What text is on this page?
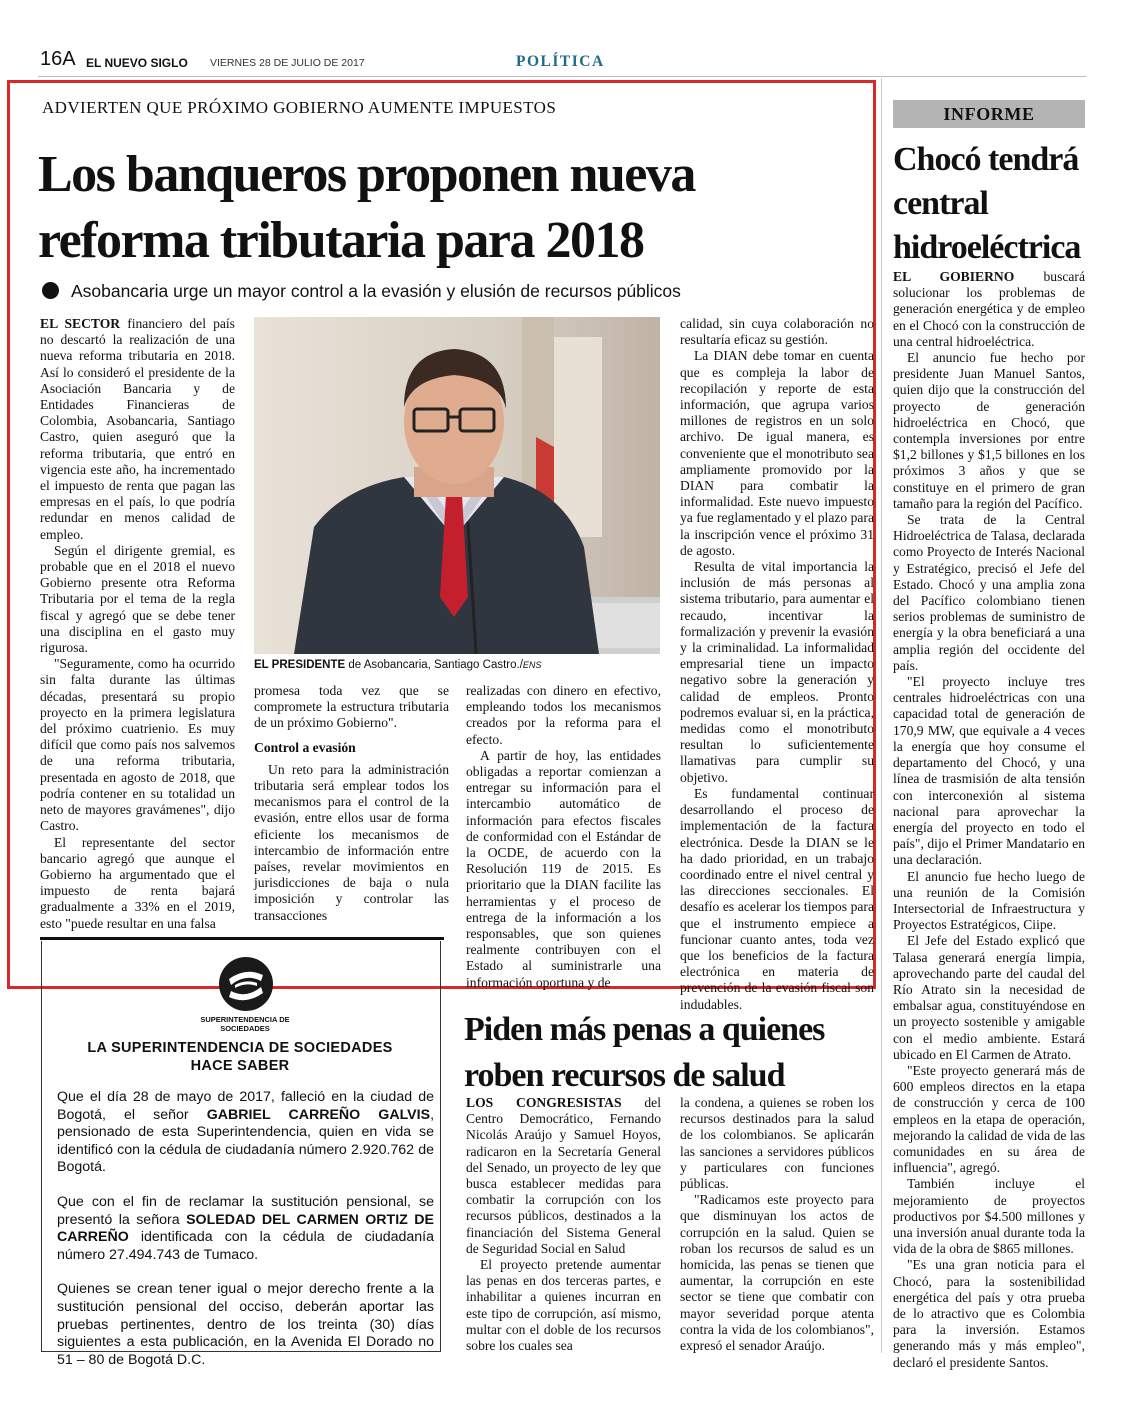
16A EL NUEVO SIGLO VIERNES 28 DE JULIO DE 2017	POLÍTICA
ADVIERTEN QUE PRÓXIMO GOBIERNO AUMENTE IMPUESTOS
Los banqueros proponen nueva reforma tributaria para 2018
Asobancaria urge un mayor control a la evasión y elusión de recursos públicos

EL SECTOR financiero del país no descartó la realización de una nueva reforma tributaria en 2018. Así lo consideró el presidente de la Asociación Bancaria y de Entidades Financieras de Colombia, Asobancaria, Santiago Castro, quien aseguró que la reforma tributaria, que entró en vigencia este año, ha incrementado el impuesto de renta que pagan las empresas en el país, lo que podría redundar en menos calidad de empleo.

Según el dirigente gremial, es probable que en el 2018 el nuevo Gobierno presente otra Reforma Tributaria por el tema de la regla fiscal y agregó que se debe tener una disciplina en el gasto muy rigurosa.

"Seguramente, como ha ocurrido sin falta durante las últimas décadas, presentará su propio proyecto en la primera legislatura del próximo cuatrienio. Es muy difícil que como país nos salvemos de una reforma tributaria, presentada en agosto de 2018, que podría contener en su totalidad un neto de mayores gravámenes", dijo Castro.

El representante del sector bancario agregó que aunque el Gobierno ha argumentado que el impuesto de renta bajará gradualmente a 33% en el 2019, esto "puede resultar en una falsa

EL PRESIDENTE de Asobancaria, Santiago Castro./ENS

promesa toda vez que se comprometе la estructura tributaria de un próximo Gobierno".

Control a evasión

Un reto para la administración tributaria será emplear todos los mecanismos para el control de la evasión, entre ellos usar de forma eficiente los mecanismos de intercambio de información entre países, revelar movimientos en jurisdicciones de baja o nula imposición y controlar las transacciones

realizadas con dinero en efectivo, empleando todos los mecanismos creados por la reforma para el efecto.

A partir de hoy, las entidades obligadas a reportar comienzan a entregar su información para el intercambio automático de información para efectos fiscales de conformidad con el Estándar de la OCDE, de acuerdo con la Resolución 119 de 2015. Es prioritario que la DIAN facilite las herramientas y el proceso de entrega de la información a los responsables, que son quienes realmente contribuyen con el Estado al suministrarle una información oportuna y de

calidad, sin cuya colaboración no resultaría eficaz su gestión.

La DIAN debe tomar en cuenta que es compleja la labor de recopilación y reporte de esta información, que agrupa varios millones de registros en un solo archivo. De igual manera, es conveniente que el monotributo sea ampliamente promovido por la DIAN para combatir la informalidad. Este nuevo impuesto ya fue reglamentado y el plazo para la inscripción vence el próximo 31 de agosto.

Resulta de vital importancia la inclusión de más personas al sistema tributario, para aumentar el recaudo, incentivar la formalización y prevenir la evasión y la criminalidad. La informalidad empresarial tiene un impacto negativo sobre la generación y calidad de empleos. Pronto podremos evaluar si, en la práctica, medidas como el monotributo resultan lo suficientemente llamativas para cumplir su objetivo.

Es fundamental continuar desarrollando el proceso de implementación de la factura electrónica. Desde la DIAN se le ha dado prioridad, en un trabajo coordinado entre el nivel central y las direcciones seccionales. El desafío es acelerar los tiempos para que el instrumento empiece a funcionar cuanto antes, toda vez que los beneficios de la factura electrónica en materia de prevención de la evasión fiscal son indudables.

INFORME
Chocó tendrá central hidroeléctrica

EL GOBIERNO buscará solucionar los problemas de generación energética y de empleo en el Chocó con la construcción de una central hidroeléctrica.

El anuncio fue hecho por presidente Juan Manuel Santos, quien dijo que la construcción del proyecto de generación hidroeléctrica en Chocó, que contempla inversiones por entre $1,2 billones y $1,5 billones en los próximos 3 años y que se constituye en el primero de gran tamaño para la región del Pacífico.

Se trata de la Central Hidroeléctrica de Talasa, declarada como Proyecto de Interés Nacional y Estratégico, precisó el Jefe del Estado. Chocó y una amplia zona del Pacífico colombiano tienen serios problemas de suministro de energía y la obra beneficiará a una amplia región del occidente del país.

"El proyecto incluye tres centrales hidroeléctricas con una capacidad total de generación de 170,9 MW, que equivale a 4 veces la energía que hoy consume el departamento del Chocó, y una línea de trasmisión de alta tensión con interconexión al sistema nacional para aprovechar la energía del proyecto en todo el país", dijo el Primer Mandatario en una declaración.

El anuncio fue hecho luego de una reunión de la Comisión Intersectorial de Infraestructura y Proyectos Estratégicos, Ciipe.

El Jefe del Estado explicó que Talasa generará energía limpia, aprovechando parte del caudal del Río Atrato sin la necesidad de embalsar agua, constituyéndose en un proyecto sostenible y amigable con el medio ambiente. Estará ubicado en El Carmen de Atrato.

"Este proyecto generará más de 600 empleos directos en la etapa de construcción y cerca de 100 empleos en la etapa de operación, mejorando la calidad de vida de las comunidades en su área de influencia", agregó.

También incluye el mejoramiento de proyectos productivos por $4.500 millones y una inversión anual durante toda la vida de la obra de $865 millones.

"Es una gran noticia para el Chocó, para la sostenibilidad energética del país y otra prueba de lo atractivo que es Colombia para la inversión. Estamos generando más y más empleo", declaró el presidente Santos.

SUPERINTENDENCIA DE SOCIEDADES
LA SUPERINTENDENCIA DE SOCIEDADES
HACE SABER

Que el día 28 de mayo de 2017, falleció en la ciudad de Bogotá, el señor GABRIEL CARREÑO GALVIS, pensionado de esta Superintendencia, quien en vida se identificó con la cédula de ciudadanía número 2.920.762 de Bogotá.

Que con el fin de reclamar la sustitución pensional, se presentó la señora SOLEDAD DEL CARMEN ORTIZ DE CARREÑO identificada con la cédula de ciudadanía número 27.494.743 de Tumaco.

Quienes se crean tener igual o mejor derecho frente a la sustitución pensional del occiso, deberán aportar las pruebas pertinentes, dentro de los treinta (30) días siguientes a esta publicación, en la Avenida El Dorado no 51 – 80 de Bogotá D.C.

Piden más penas a quienes roben recursos de salud

LOS CONGRESISTAS del Centro Democrático, Fernando Nicolás Araújo y Samuel Hoyos, radicaron en la Secretaría General del Senado, un proyecto de ley que busca establecer medidas para combatir la corrupción con los recursos públicos, destinados a la financiación del Sistema General de Seguridad Social en Salud

El proyecto pretende aumentar las penas en dos terceras partes, e inhabilitar a quienes incurran en este tipo de corrupción, así mismo, multar con el doble de los recursos sobre los cuales sea

la condena, a quienes se roben los recursos destinados para la salud de los colombianos. Se aplicarán las sanciones a servidores públicos y particulares con funciones públicas.

"Radicamos este proyecto para que disminuyan los actos de corrupción en la salud. Quien se roban los recursos de salud es un homicida, las penas se tienen que aumentar, la corrupción en este sector se tiene que combatir con mayor severidad porque atenta contra la vida de los colombianos", expresó el senador Araújo.
